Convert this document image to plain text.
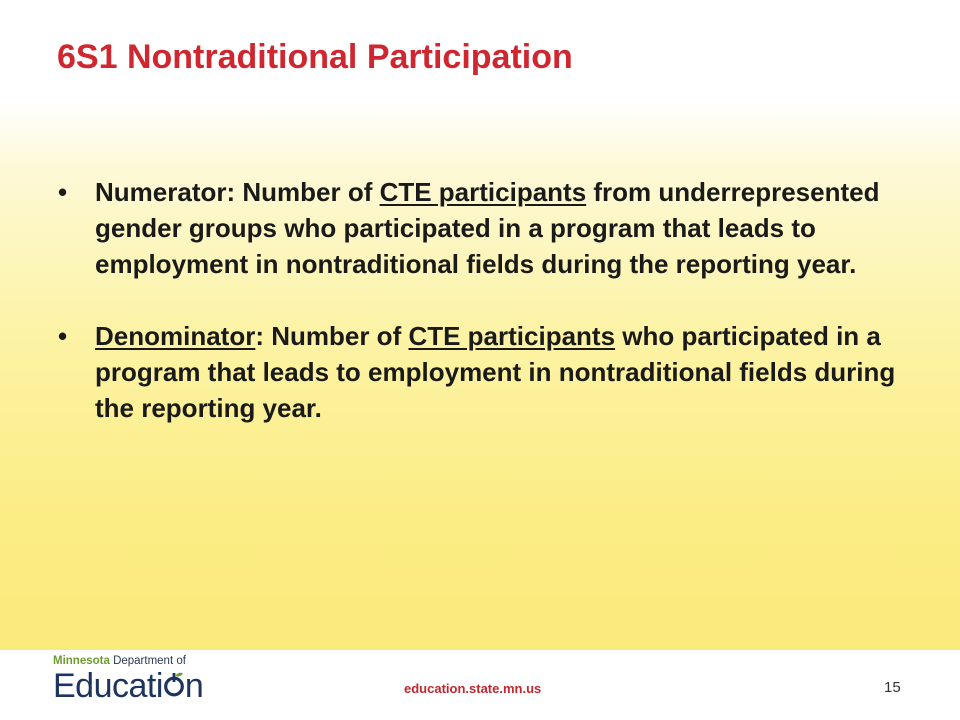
6S1 Nontraditional Participation
• Numerator: Number of CTE participants from underrepresented gender groups who participated in a program that leads to employment in nontraditional fields during the reporting year.
• Denominator: Number of CTE participants who participated in a program that leads to employment in nontraditional fields during the reporting year.
Minnesota Department of
Educati n	education.state.mn.us	15
